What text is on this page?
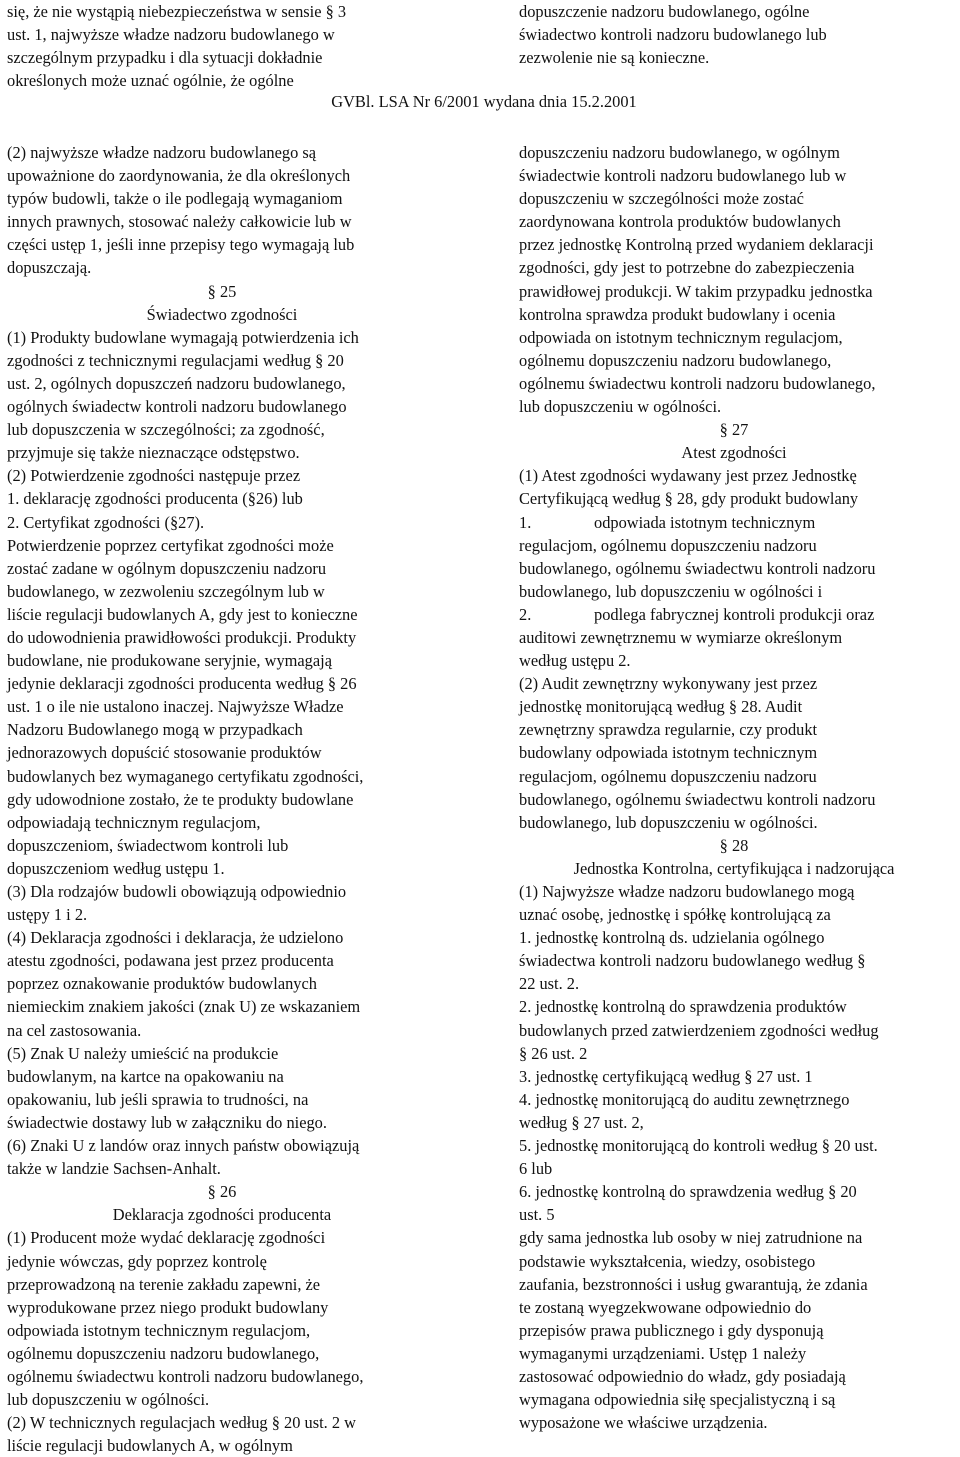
się, że nie wystąpią niebezpieczeństwa w sensie § 3
ust. 1, najwyższe władze nadzoru budowlanego w
szczególnym przypadku i dla sytuacji dokładnie
określonych może uznać ogólnie, że ogólne
dopuszczenie nadzoru budowlanego, ogólne
świadectwo kontroli nadzoru budowlanego lub
zezwolenie nie są konieczne.
GVBl. LSA Nr 6/2001 wydana dnia 15.2.2001
(2) najwyższe władze nadzoru budowlanego są
upoważnione do zaordynowania, że dla określonych
typów budowli, także o ile podlegają wymaganiom
innych prawnych, stosować należy całkowicie lub w
części ustęp 1, jeśli inne przepisy tego wymagają lub
dopuszczają.
§ 25
Świadectwo zgodności
(1) Produkty budowlane wymagają potwierdzenia ich
zgodności z technicznymi regulacjami według § 20
ust. 2, ogólnych dopuszczeń nadzoru budowlanego,
ogólnych świadectw kontroli nadzoru budowlanego
lub dopuszczenia w szczególności; za zgodność,
przyjmuje się także nieznaczące odstępstwo.
(2) Potwierdzenie zgodności następuje przez
1. deklarację zgodności producenta (§26) lub
2. Certyfikat zgodności (§27).
Potwierdzenie poprzez certyfikat zgodności może
zostać zadane w ogólnym dopuszczeniu nadzoru
budowlanego, w zezwoleniu szczególnym lub w
liście regulacji budowlanych A, gdy jest to konieczne
do udowodnienia prawidłowości produkcji. Produkty
budowlane, nie produkowane seryjnie, wymagają
jedynie deklaracji zgodności producenta według § 26
ust. 1 o ile nie ustalono inaczej. Najwyższe Władze
Nadzoru Budowlanego mogą w przypadkach
jednorazowych dopuścić stosowanie produktów
budowlanych bez wymaganego certyfikatu zgodności,
gdy udowodnione zostało, że te produkty budowlane
odpowiadają technicznym regulacjom,
dopuszczeniom, świadectwom kontroli lub
dopuszczeniom według ustępu 1.
(3) Dla rodzajów budowli obowiązują odpowiednio
ustępy 1 i 2.
(4) Deklaracja zgodności i deklaracja, że udzielono
atestu zgodności, podawana jest przez producenta
poprzez oznakowanie produktów budowlanych
niemieckim znakiem jakości (znak U) ze wskazaniem
na cel zastosowania.
(5) Znak U należy umieścić na produkcie
budowlanym, na kartce na opakowaniu na
opakowaniu, lub jeśli sprawia to trudności, na
świadectwie dostawy lub w załączniku do niego.
(6) Znaki U z landów oraz innych państw obowiązują
także w landzie Sachsen-Anhalt.
§ 26
Deklaracja zgodności producenta
(1) Producent może wydać deklarację zgodności
jedynie wówczas, gdy poprzez kontrolę
przeprowadzoną na terenie zakładu zapewni, że
wyprodukowane przez niego produkt budowlany
odpowiada istotnym technicznym regulacjom,
ogólnemu dopuszczeniu nadzoru budowlanego,
ogólnemu świadectwu kontroli nadzoru budowlanego,
lub dopuszczeniu w ogólności.
(2) W technicznych regulacjach według § 20 ust. 2 w
liście regulacji budowlanych A, w ogólnym
dopuszczeniu nadzoru budowlanego, w ogólnym
świadectwie kontroli nadzoru budowlanego lub w
dopuszczeniu w szczególności może zostać
zaordynowana kontrola produktów budowlanych
przez jednostkę Kontrolną przed wydaniem deklaracji
zgodności, gdy jest to potrzebne do zabezpieczenia
prawidłowej produkcji. W takim przypadku jednostka
kontrolna sprawdza produkt budowlany i ocenia
odpowiada on istotnym technicznym regulacjom,
ogólnemu dopuszczeniu nadzoru budowlanego,
ogólnemu świadectwu kontroli nadzoru budowlanego,
lub dopuszczeniu w ogólności.
§ 27
Atest zgodności
(1) Atest zgodności wydawany jest przez Jednostkę
Certyfikującą według § 28, gdy produkt budowlany
1.	odpowiada istotnym technicznym
regulacjom, ogólnemu dopuszczeniu nadzoru
budowlanego, ogólnemu świadectwu kontroli nadzoru
budowlanego, lub dopuszczeniu w ogólności i
2.	podlega fabrycznej kontroli produkcji oraz
auditowi zewnętrznemu w wymiarze określonym
według ustępu 2.
(2) Audit zewnętrzny wykonywany jest przez
jednostkę monitorującą według § 28. Audit
zewnętrzny sprawdza regularnie, czy produkt
budowlany odpowiada istotnym technicznym
regulacjom, ogólnemu dopuszczeniu nadzoru
budowlanego, ogólnemu świadectwu kontroli nadzoru
budowlanego, lub dopuszczeniu w ogólności.
§ 28
Jednostka Kontrolna, certyfikująca i nadzorująca
(1) Najwyższe władze nadzoru budowlanego mogą
uznać osobę, jednostkę i spółkę kontrolującą za
1. jednostkę kontrolną ds. udzielania ogólnego
świadectwa kontroli nadzoru budowlanego według §
22 ust. 2.
2. jednostkę kontrolną do sprawdzenia produktów
budowlanych przed zatwierdzeniem zgodności według
§ 26 ust. 2
3. jednostkę certyfikującą według § 27 ust. 1
4. jednostkę monitorującą do auditu zewnętrznego
według § 27 ust. 2,
5. jednostkę monitorującą do kontroli według § 20 ust.
6 lub
6. jednostkę kontrolną do sprawdzenia według § 20
ust. 5
gdy sama jednostka lub osoby w niej zatrudnione na
podstawie wykształcenia, wiedzy, osobistego
zaufania, bezstronności i usług gwarantują, że zdania
te zostaną wyegzekwowane odpowiednio do
przepisów prawa publicznego i gdy dysponują
wymaganymi urządzeniami. Ustęp 1 należy
zastosować odpowiednio do władz, gdy posiadają
wymagana odpowiednia siłę specjalistyczną i są
wyposażone we właściwe urządzenia.
